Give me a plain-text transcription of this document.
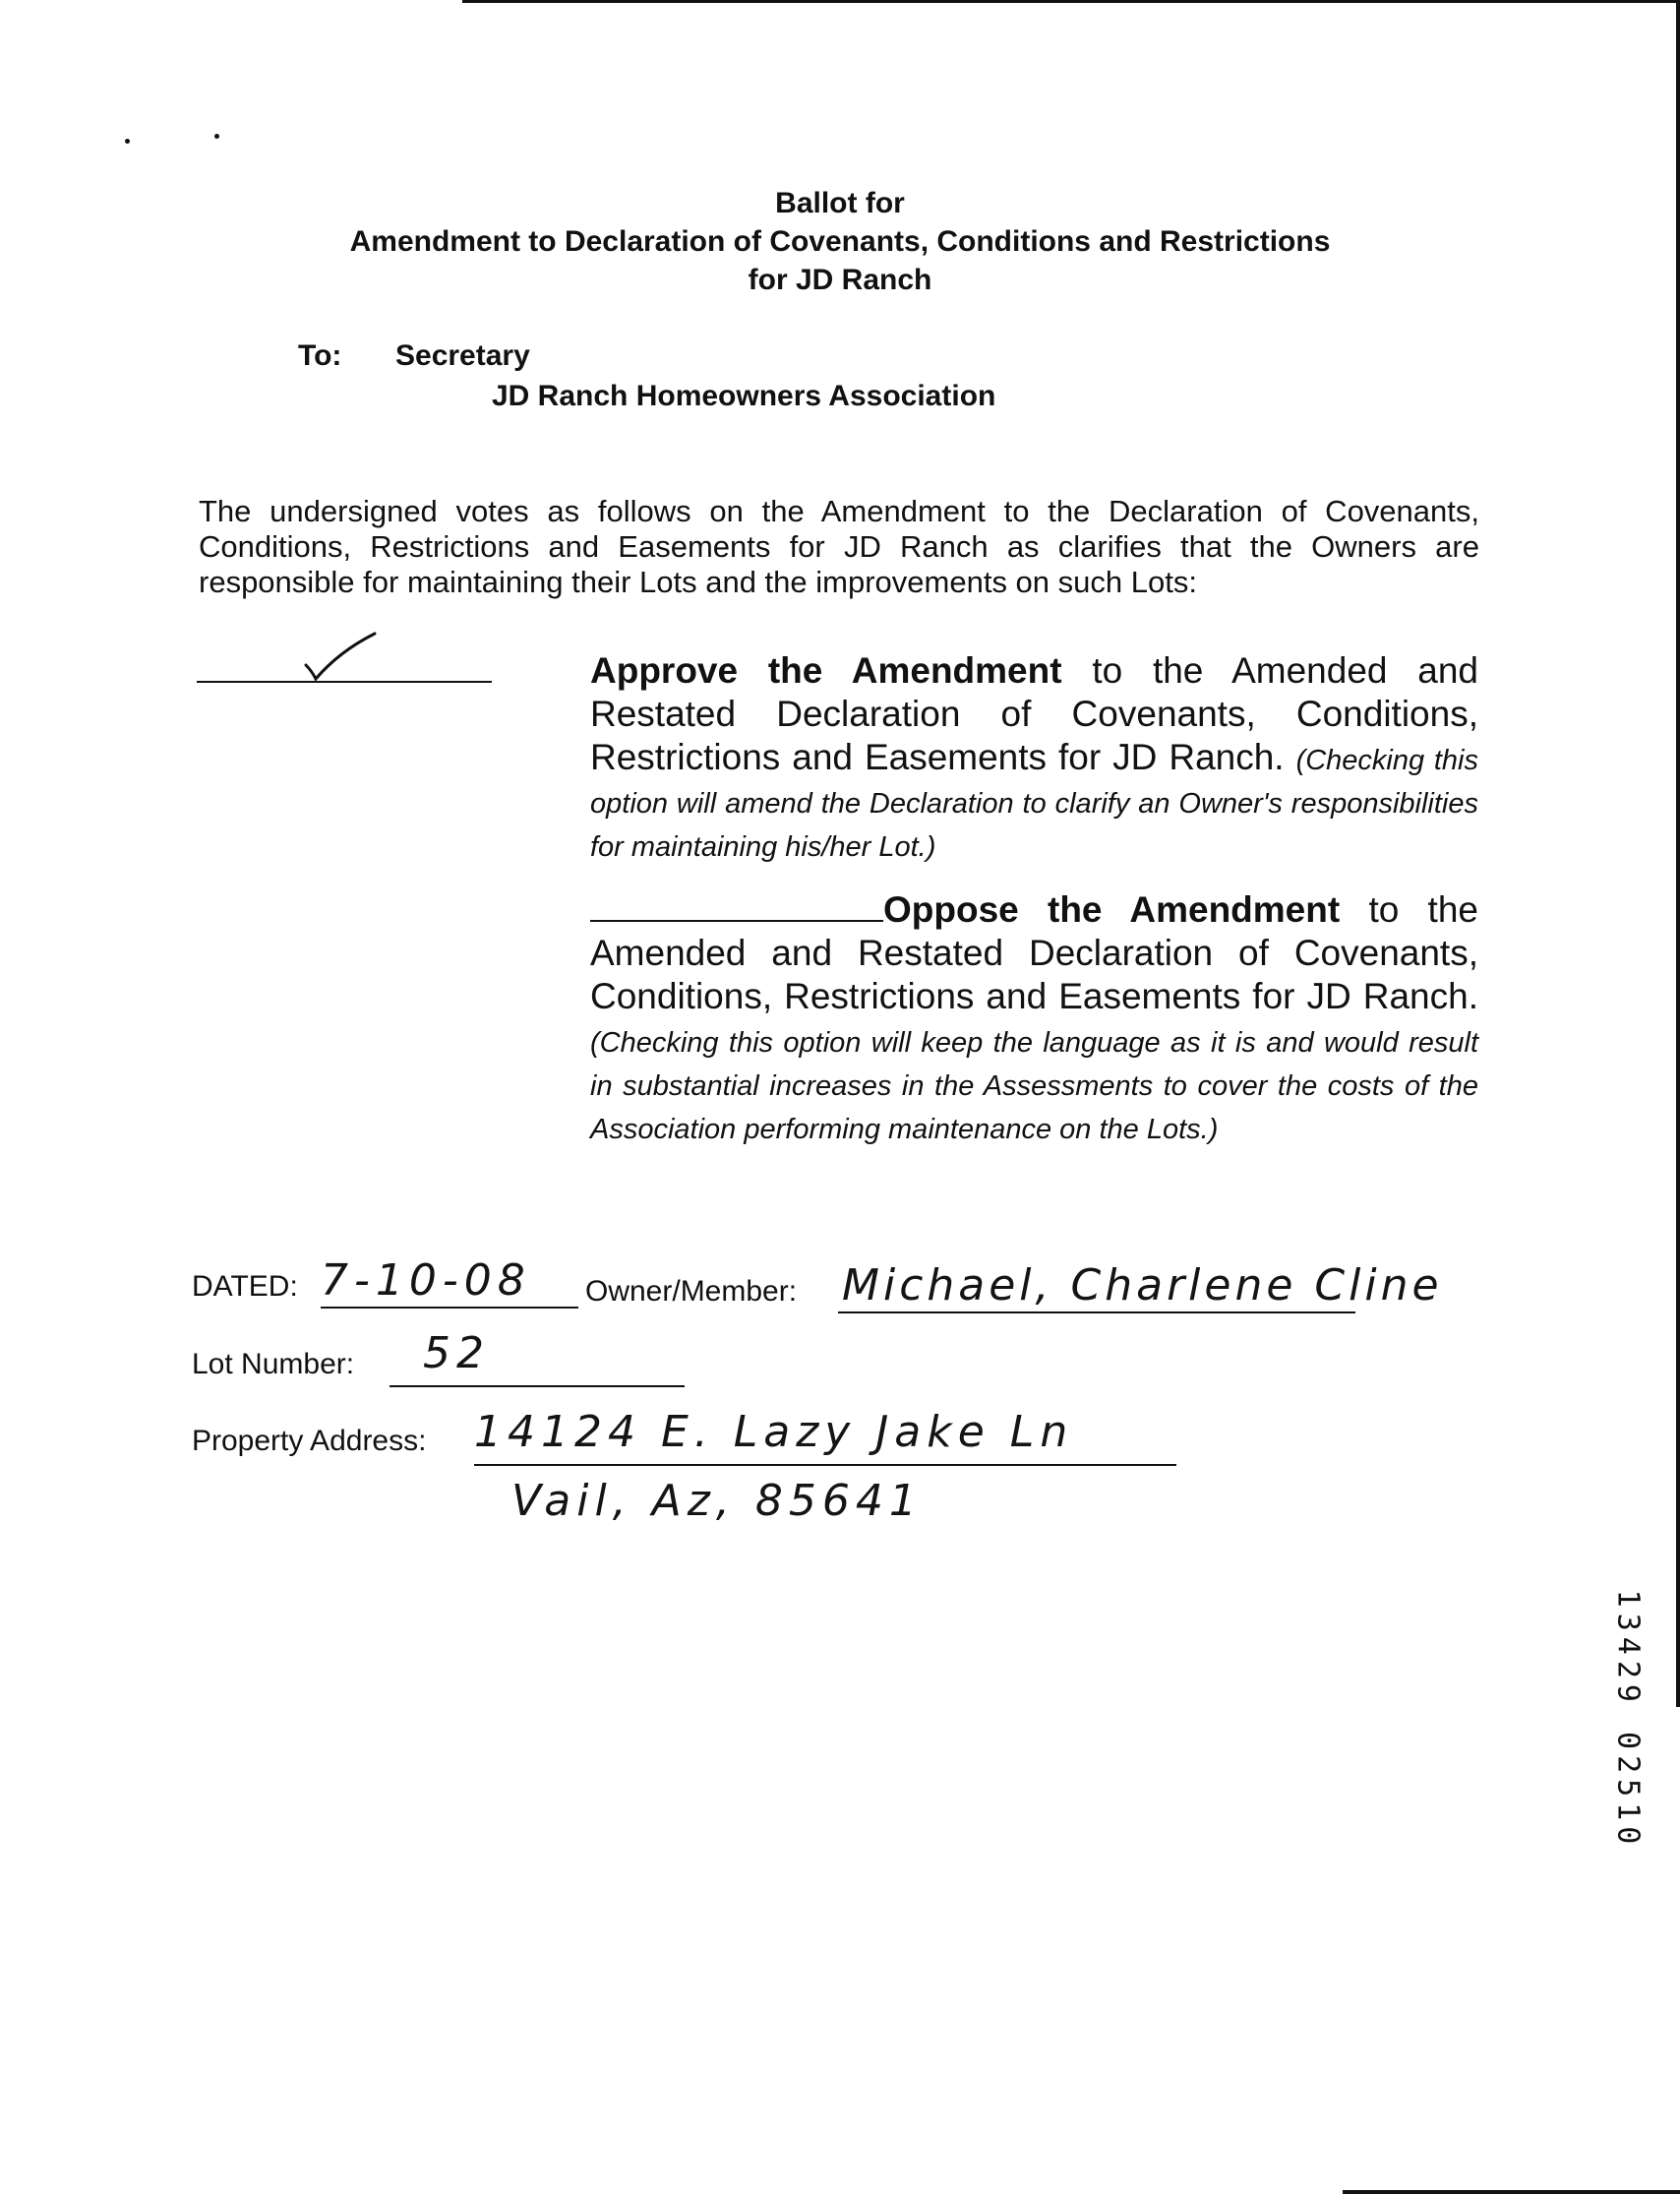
Ballot for
Amendment to Declaration of Covenants, Conditions and Restrictions
for JD Ranch
To: Secretary
JD Ranch Homeowners Association
The undersigned votes as follows on the Amendment to the Declaration of Covenants, Conditions, Restrictions and Easements for JD Ranch as clarifies that the Owners are responsible for maintaining their Lots and the improvements on such Lots:
Approve the Amendment to the Amended and Restated Declaration of Covenants, Conditions, Restrictions and Easements for JD Ranch. (Checking this option will amend the Declaration to clarify an Owner's responsibilities for maintaining his/her Lot.)
Oppose the Amendment to the Amended and Restated Declaration of Covenants, Conditions, Restrictions and Easements for JD Ranch. (Checking this option will keep the language as it is and would result in substantial increases in the Assessments to cover the costs of the Association performing maintenance on the Lots.)
DATED: 7-10-08 Owner/Member: Michael, Charlene Cline
Lot Number: 52
Property Address: 14124 E. Lazy Jake Ln
Vail, Az, 85641
13429 02510
